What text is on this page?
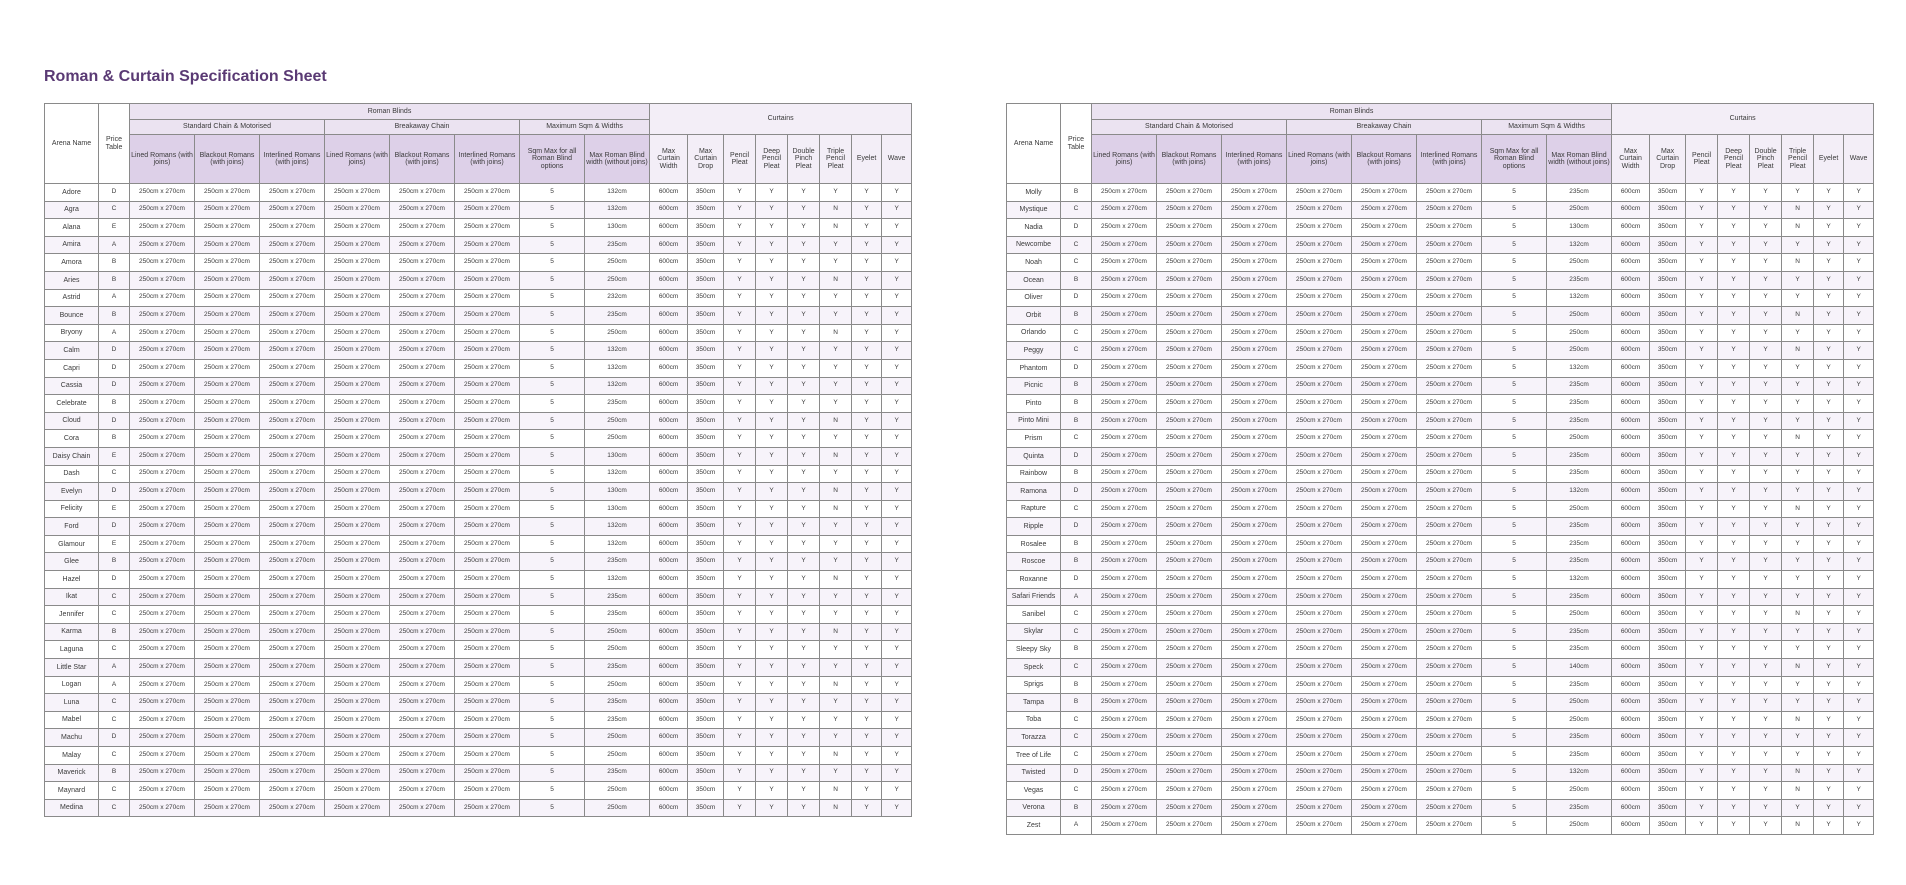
Roman & Curtain Specification Sheet
Arena Name	Price Table	Roman Blinds								Curtains							
		Standard Chain & Motorised			Breakaway Chain			Maximum Sqm & Widths									
		Lined Romans (with joins)	Blackout Romans (with joins)	Interlined Romans (with joins)	Lined Romans (with joins)	Blackout Romans (with joins)	Interlined Romans (with joins)	Sqm Max for all Roman Blind options	Max Roman Blind width (without joins)	Max Curtain Width	Max Curtain Drop	Pencil Pleat	Deep Pencil Pleat	Double Pinch Pleat	Triple Pencil Pleat	Eyelet	Wave
Adore	D	250cm x 270cm	250cm x 270cm	250cm x 270cm	250cm x 270cm	250cm x 270cm	250cm x 270cm	5	132cm	600cm	350cm	Y	Y	Y	Y	Y	Y
Agra	C	250cm x 270cm	250cm x 270cm	250cm x 270cm	250cm x 270cm	250cm x 270cm	250cm x 270cm	5	132cm	600cm	350cm	Y	Y	Y	N	Y	Y
Alana	E	250cm x 270cm	250cm x 270cm	250cm x 270cm	250cm x 270cm	250cm x 270cm	250cm x 270cm	5	130cm	600cm	350cm	Y	Y	Y	N	Y	Y
Amira	A	250cm x 270cm	250cm x 270cm	250cm x 270cm	250cm x 270cm	250cm x 270cm	250cm x 270cm	5	235cm	600cm	350cm	Y	Y	Y	Y	Y	Y
Amora	B	250cm x 270cm	250cm x 270cm	250cm x 270cm	250cm x 270cm	250cm x 270cm	250cm x 270cm	5	250cm	600cm	350cm	Y	Y	Y	Y	Y	Y
Aries	B	250cm x 270cm	250cm x 270cm	250cm x 270cm	250cm x 270cm	250cm x 270cm	250cm x 270cm	5	250cm	600cm	350cm	Y	Y	Y	N	Y	Y
Astrid	A	250cm x 270cm	250cm x 270cm	250cm x 270cm	250cm x 270cm	250cm x 270cm	250cm x 270cm	5	232cm	600cm	350cm	Y	Y	Y	Y	Y	Y
Bounce	B	250cm x 270cm	250cm x 270cm	250cm x 270cm	250cm x 270cm	250cm x 270cm	250cm x 270cm	5	235cm	600cm	350cm	Y	Y	Y	Y	Y	Y
Bryony	A	250cm x 270cm	250cm x 270cm	250cm x 270cm	250cm x 270cm	250cm x 270cm	250cm x 270cm	5	250cm	600cm	350cm	Y	Y	Y	N	Y	Y
Calm	D	250cm x 270cm	250cm x 270cm	250cm x 270cm	250cm x 270cm	250cm x 270cm	250cm x 270cm	5	132cm	600cm	350cm	Y	Y	Y	Y	Y	Y
Capri	D	250cm x 270cm	250cm x 270cm	250cm x 270cm	250cm x 270cm	250cm x 270cm	250cm x 270cm	5	132cm	600cm	350cm	Y	Y	Y	Y	Y	Y
Cassia	D	250cm x 270cm	250cm x 270cm	250cm x 270cm	250cm x 270cm	250cm x 270cm	250cm x 270cm	5	132cm	600cm	350cm	Y	Y	Y	Y	Y	Y
Celebrate	B	250cm x 270cm	250cm x 270cm	250cm x 270cm	250cm x 270cm	250cm x 270cm	250cm x 270cm	5	235cm	600cm	350cm	Y	Y	Y	Y	Y	Y
Cloud	D	250cm x 270cm	250cm x 270cm	250cm x 270cm	250cm x 270cm	250cm x 270cm	250cm x 270cm	5	250cm	600cm	350cm	Y	Y	Y	N	Y	Y
Cora	B	250cm x 270cm	250cm x 270cm	250cm x 270cm	250cm x 270cm	250cm x 270cm	250cm x 270cm	5	250cm	600cm	350cm	Y	Y	Y	Y	Y	Y
Daisy Chain	E	250cm x 270cm	250cm x 270cm	250cm x 270cm	250cm x 270cm	250cm x 270cm	250cm x 270cm	5	130cm	600cm	350cm	Y	Y	Y	N	Y	Y
Dash	C	250cm x 270cm	250cm x 270cm	250cm x 270cm	250cm x 270cm	250cm x 270cm	250cm x 270cm	5	132cm	600cm	350cm	Y	Y	Y	Y	Y	Y
Evelyn	D	250cm x 270cm	250cm x 270cm	250cm x 270cm	250cm x 270cm	250cm x 270cm	250cm x 270cm	5	130cm	600cm	350cm	Y	Y	Y	N	Y	Y
Felicity	E	250cm x 270cm	250cm x 270cm	250cm x 270cm	250cm x 270cm	250cm x 270cm	250cm x 270cm	5	130cm	600cm	350cm	Y	Y	Y	N	Y	Y
Ford	D	250cm x 270cm	250cm x 270cm	250cm x 270cm	250cm x 270cm	250cm x 270cm	250cm x 270cm	5	132cm	600cm	350cm	Y	Y	Y	Y	Y	Y
Glamour	E	250cm x 270cm	250cm x 270cm	250cm x 270cm	250cm x 270cm	250cm x 270cm	250cm x 270cm	5	132cm	600cm	350cm	Y	Y	Y	Y	Y	Y
Glee	B	250cm x 270cm	250cm x 270cm	250cm x 270cm	250cm x 270cm	250cm x 270cm	250cm x 270cm	5	235cm	600cm	350cm	Y	Y	Y	Y	Y	Y
Hazel	D	250cm x 270cm	250cm x 270cm	250cm x 270cm	250cm x 270cm	250cm x 270cm	250cm x 270cm	5	132cm	600cm	350cm	Y	Y	Y	N	Y	Y
Ikat	C	250cm x 270cm	250cm x 270cm	250cm x 270cm	250cm x 270cm	250cm x 270cm	250cm x 270cm	5	235cm	600cm	350cm	Y	Y	Y	Y	Y	Y
Jennifer	C	250cm x 270cm	250cm x 270cm	250cm x 270cm	250cm x 270cm	250cm x 270cm	250cm x 270cm	5	235cm	600cm	350cm	Y	Y	Y	Y	Y	Y
Karma	B	250cm x 270cm	250cm x 270cm	250cm x 270cm	250cm x 270cm	250cm x 270cm	250cm x 270cm	5	250cm	600cm	350cm	Y	Y	Y	N	Y	Y
Laguna	C	250cm x 270cm	250cm x 270cm	250cm x 270cm	250cm x 270cm	250cm x 270cm	250cm x 270cm	5	250cm	600cm	350cm	Y	Y	Y	Y	Y	Y
Little Star	A	250cm x 270cm	250cm x 270cm	250cm x 270cm	250cm x 270cm	250cm x 270cm	250cm x 270cm	5	235cm	600cm	350cm	Y	Y	Y	Y	Y	Y
Logan	A	250cm x 270cm	250cm x 270cm	250cm x 270cm	250cm x 270cm	250cm x 270cm	250cm x 270cm	5	250cm	600cm	350cm	Y	Y	Y	N	Y	Y
Luna	C	250cm x 270cm	250cm x 270cm	250cm x 270cm	250cm x 270cm	250cm x 270cm	250cm x 270cm	5	235cm	600cm	350cm	Y	Y	Y	Y	Y	Y
Mabel	C	250cm x 270cm	250cm x 270cm	250cm x 270cm	250cm x 270cm	250cm x 270cm	250cm x 270cm	5	235cm	600cm	350cm	Y	Y	Y	Y	Y	Y
Machu	D	250cm x 270cm	250cm x 270cm	250cm x 270cm	250cm x 270cm	250cm x 270cm	250cm x 270cm	5	250cm	600cm	350cm	Y	Y	Y	Y	Y	Y
Malay	C	250cm x 270cm	250cm x 270cm	250cm x 270cm	250cm x 270cm	250cm x 270cm	250cm x 270cm	5	250cm	600cm	350cm	Y	Y	Y	N	Y	Y
Maverick	B	250cm x 270cm	250cm x 270cm	250cm x 270cm	250cm x 270cm	250cm x 270cm	250cm x 270cm	5	235cm	600cm	350cm	Y	Y	Y	Y	Y	Y
Maynard	C	250cm x 270cm	250cm x 270cm	250cm x 270cm	250cm x 270cm	250cm x 270cm	250cm x 270cm	5	250cm	600cm	350cm	Y	Y	Y	N	Y	Y
Medina	C	250cm x 270cm	250cm x 270cm	250cm x 270cm	250cm x 270cm	250cm x 270cm	250cm x 270cm	5	250cm	600cm	350cm	Y	Y	Y	N	Y	Y
Arena Name	Price Table	Roman Blinds								Curtains							
		Standard Chain & Motorised			Breakaway Chain			Maximum Sqm & Widths									
		Lined Romans (with joins)	Blackout Romans (with joins)	Interlined Romans (with joins)	Lined Romans (with joins)	Blackout Romans (with joins)	Interlined Romans (with joins)	Sqm Max for all Roman Blind options	Max Roman Blind width (without joins)	Max Curtain Width	Max Curtain Drop	Pencil Pleat	Deep Pencil Pleat	Double Pinch Pleat	Triple Pencil Pleat	Eyelet	Wave
Molly	B	250cm x 270cm	250cm x 270cm	250cm x 270cm	250cm x 270cm	250cm x 270cm	250cm x 270cm	5	235cm	600cm	350cm	Y	Y	Y	Y	Y	Y
Mystique	C	250cm x 270cm	250cm x 270cm	250cm x 270cm	250cm x 270cm	250cm x 270cm	250cm x 270cm	5	250cm	600cm	350cm	Y	Y	Y	N	Y	Y
Nadia	D	250cm x 270cm	250cm x 270cm	250cm x 270cm	250cm x 270cm	250cm x 270cm	250cm x 270cm	5	130cm	600cm	350cm	Y	Y	Y	N	Y	Y
Newcombe	C	250cm x 270cm	250cm x 270cm	250cm x 270cm	250cm x 270cm	250cm x 270cm	250cm x 270cm	5	132cm	600cm	350cm	Y	Y	Y	Y	Y	Y
Noah	C	250cm x 270cm	250cm x 270cm	250cm x 270cm	250cm x 270cm	250cm x 270cm	250cm x 270cm	5	250cm	600cm	350cm	Y	Y	Y	N	Y	Y
Ocean	B	250cm x 270cm	250cm x 270cm	250cm x 270cm	250cm x 270cm	250cm x 270cm	250cm x 270cm	5	235cm	600cm	350cm	Y	Y	Y	Y	Y	Y
Oliver	D	250cm x 270cm	250cm x 270cm	250cm x 270cm	250cm x 270cm	250cm x 270cm	250cm x 270cm	5	132cm	600cm	350cm	Y	Y	Y	Y	Y	Y
Orbit	B	250cm x 270cm	250cm x 270cm	250cm x 270cm	250cm x 270cm	250cm x 270cm	250cm x 270cm	5	250cm	600cm	350cm	Y	Y	Y	N	Y	Y
Orlando	C	250cm x 270cm	250cm x 270cm	250cm x 270cm	250cm x 270cm	250cm x 270cm	250cm x 270cm	5	250cm	600cm	350cm	Y	Y	Y	Y	Y	Y
Peggy	C	250cm x 270cm	250cm x 270cm	250cm x 270cm	250cm x 270cm	250cm x 270cm	250cm x 270cm	5	250cm	600cm	350cm	Y	Y	Y	N	Y	Y
Phantom	D	250cm x 270cm	250cm x 270cm	250cm x 270cm	250cm x 270cm	250cm x 270cm	250cm x 270cm	5	132cm	600cm	350cm	Y	Y	Y	Y	Y	Y
Picnic	B	250cm x 270cm	250cm x 270cm	250cm x 270cm	250cm x 270cm	250cm x 270cm	250cm x 270cm	5	235cm	600cm	350cm	Y	Y	Y	Y	Y	Y
Pinto	B	250cm x 270cm	250cm x 270cm	250cm x 270cm	250cm x 270cm	250cm x 270cm	250cm x 270cm	5	235cm	600cm	350cm	Y	Y	Y	Y	Y	Y
Pinto Mini	B	250cm x 270cm	250cm x 270cm	250cm x 270cm	250cm x 270cm	250cm x 270cm	250cm x 270cm	5	235cm	600cm	350cm	Y	Y	Y	Y	Y	Y
Prism	C	250cm x 270cm	250cm x 270cm	250cm x 270cm	250cm x 270cm	250cm x 270cm	250cm x 270cm	5	250cm	600cm	350cm	Y	Y	Y	N	Y	Y
Quinta	D	250cm x 270cm	250cm x 270cm	250cm x 270cm	250cm x 270cm	250cm x 270cm	250cm x 270cm	5	235cm	600cm	350cm	Y	Y	Y	Y	Y	Y
Rainbow	B	250cm x 270cm	250cm x 270cm	250cm x 270cm	250cm x 270cm	250cm x 270cm	250cm x 270cm	5	235cm	600cm	350cm	Y	Y	Y	Y	Y	Y
Ramona	D	250cm x 270cm	250cm x 270cm	250cm x 270cm	250cm x 270cm	250cm x 270cm	250cm x 270cm	5	132cm	600cm	350cm	Y	Y	Y	Y	Y	Y
Rapture	C	250cm x 270cm	250cm x 270cm	250cm x 270cm	250cm x 270cm	250cm x 270cm	250cm x 270cm	5	250cm	600cm	350cm	Y	Y	Y	N	Y	Y
Ripple	D	250cm x 270cm	250cm x 270cm	250cm x 270cm	250cm x 270cm	250cm x 270cm	250cm x 270cm	5	235cm	600cm	350cm	Y	Y	Y	Y	Y	Y
Rosalee	B	250cm x 270cm	250cm x 270cm	250cm x 270cm	250cm x 270cm	250cm x 270cm	250cm x 270cm	5	235cm	600cm	350cm	Y	Y	Y	Y	Y	Y
Roscoe	B	250cm x 270cm	250cm x 270cm	250cm x 270cm	250cm x 270cm	250cm x 270cm	250cm x 270cm	5	235cm	600cm	350cm	Y	Y	Y	Y	Y	Y
Roxanne	D	250cm x 270cm	250cm x 270cm	250cm x 270cm	250cm x 270cm	250cm x 270cm	250cm x 270cm	5	132cm	600cm	350cm	Y	Y	Y	Y	Y	Y
Safari Friends	A	250cm x 270cm	250cm x 270cm	250cm x 270cm	250cm x 270cm	250cm x 270cm	250cm x 270cm	5	235cm	600cm	350cm	Y	Y	Y	Y	Y	Y
Sanibel	C	250cm x 270cm	250cm x 270cm	250cm x 270cm	250cm x 270cm	250cm x 270cm	250cm x 270cm	5	250cm	600cm	350cm	Y	Y	Y	N	Y	Y
Skylar	C	250cm x 270cm	250cm x 270cm	250cm x 270cm	250cm x 270cm	250cm x 270cm	250cm x 270cm	5	235cm	600cm	350cm	Y	Y	Y	Y	Y	Y
Sleepy Sky	B	250cm x 270cm	250cm x 270cm	250cm x 270cm	250cm x 270cm	250cm x 270cm	250cm x 270cm	5	235cm	600cm	350cm	Y	Y	Y	Y	Y	Y
Speck	C	250cm x 270cm	250cm x 270cm	250cm x 270cm	250cm x 270cm	250cm x 270cm	250cm x 270cm	5	140cm	600cm	350cm	Y	Y	Y	N	Y	Y
Sprigs	B	250cm x 270cm	250cm x 270cm	250cm x 270cm	250cm x 270cm	250cm x 270cm	250cm x 270cm	5	235cm	600cm	350cm	Y	Y	Y	Y	Y	Y
Tampa	B	250cm x 270cm	250cm x 270cm	250cm x 270cm	250cm x 270cm	250cm x 270cm	250cm x 270cm	5	250cm	600cm	350cm	Y	Y	Y	Y	Y	Y
Toba	C	250cm x 270cm	250cm x 270cm	250cm x 270cm	250cm x 270cm	250cm x 270cm	250cm x 270cm	5	250cm	600cm	350cm	Y	Y	Y	N	Y	Y
Torazza	C	250cm x 270cm	250cm x 270cm	250cm x 270cm	250cm x 270cm	250cm x 270cm	250cm x 270cm	5	235cm	600cm	350cm	Y	Y	Y	Y	Y	Y
Tree of Life	C	250cm x 270cm	250cm x 270cm	250cm x 270cm	250cm x 270cm	250cm x 270cm	250cm x 270cm	5	235cm	600cm	350cm	Y	Y	Y	Y	Y	Y
Twisted	D	250cm x 270cm	250cm x 270cm	250cm x 270cm	250cm x 270cm	250cm x 270cm	250cm x 270cm	5	132cm	600cm	350cm	Y	Y	Y	N	Y	Y
Vegas	C	250cm x 270cm	250cm x 270cm	250cm x 270cm	250cm x 270cm	250cm x 270cm	250cm x 270cm	5	250cm	600cm	350cm	Y	Y	Y	N	Y	Y
Verona	B	250cm x 270cm	250cm x 270cm	250cm x 270cm	250cm x 270cm	250cm x 270cm	250cm x 270cm	5	235cm	600cm	350cm	Y	Y	Y	Y	Y	Y
Zest	A	250cm x 270cm	250cm x 270cm	250cm x 270cm	250cm x 270cm	250cm x 270cm	250cm x 270cm	5	250cm	600cm	350cm	Y	Y	Y	N	Y	Y
